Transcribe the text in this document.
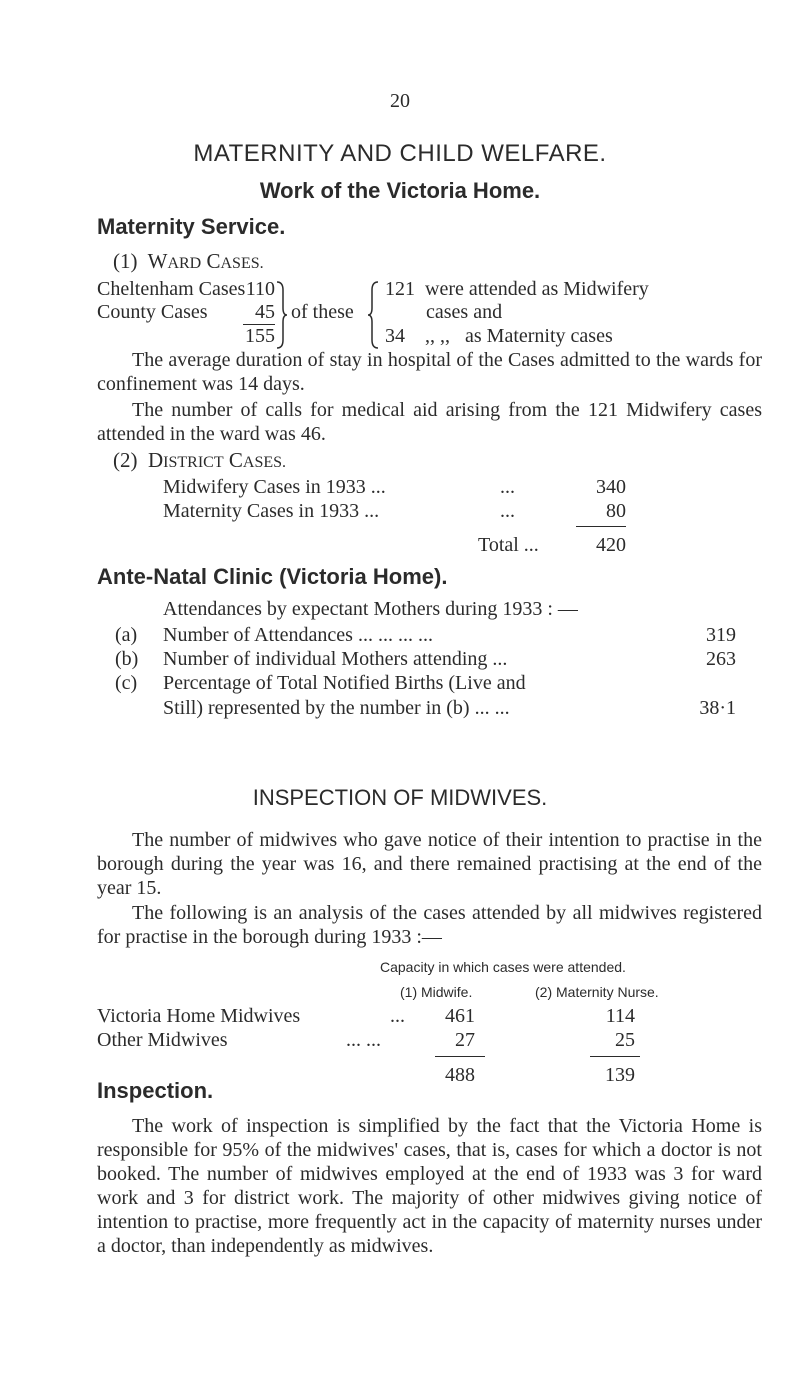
20
MATERNITY AND CHILD WELFARE.
Work of the Victoria Home.
Maternity Service.
(1) WARD CASES.
Cheltenham Cases 110
County Cases	45
155
of these
121 were attended as Midwifery
cases and
34 ,, ,, as Maternity cases
The average duration of stay in hospital of the Cases admitted to the wards for confinement was 14 days.
The number of calls for medical aid arising from the 121 Midwifery cases attended in the ward was 46.
(2) DISTRICT CASES.
Midwifery Cases in 1933 ...	...	340
Maternity Cases in 1933 ...	...	80
Total ...	420
Ante-Natal Clinic (Victoria Home).
Attendances by expectant Mothers during 1933 : —
(a) Number of Attendances ... ... ... ...	319
(b) Number of individual Mothers attending ...	263
(c) Percentage of Total Notified Births (Live and
Still) represented by the number in (b) ... ...	38·1
INSPECTION OF MIDWIVES.
The number of midwives who gave notice of their intention to practise in the borough during the year was 16, and there remained practising at the end of the year 15.
The following is an analysis of the cases attended by all midwives registered for practise in the borough during 1933 :—
Capacity in which cases were attended.
(1) Midwife.	(2) Maternity Nurse.
Victoria Home Midwives	...	461	114
Other Midwives	... ...	27	25
488	139
Inspection.
The work of inspection is simplified by the fact that the Victoria Home is responsible for 95% of the midwives' cases, that is, cases for which a doctor is not booked. The number of midwives employed at the end of 1933 was 3 for ward work and 3 for district work. The majority of other midwives giving notice of intention to practise, more frequently act in the capacity of maternity nurses under a doctor, than independently as midwives.
